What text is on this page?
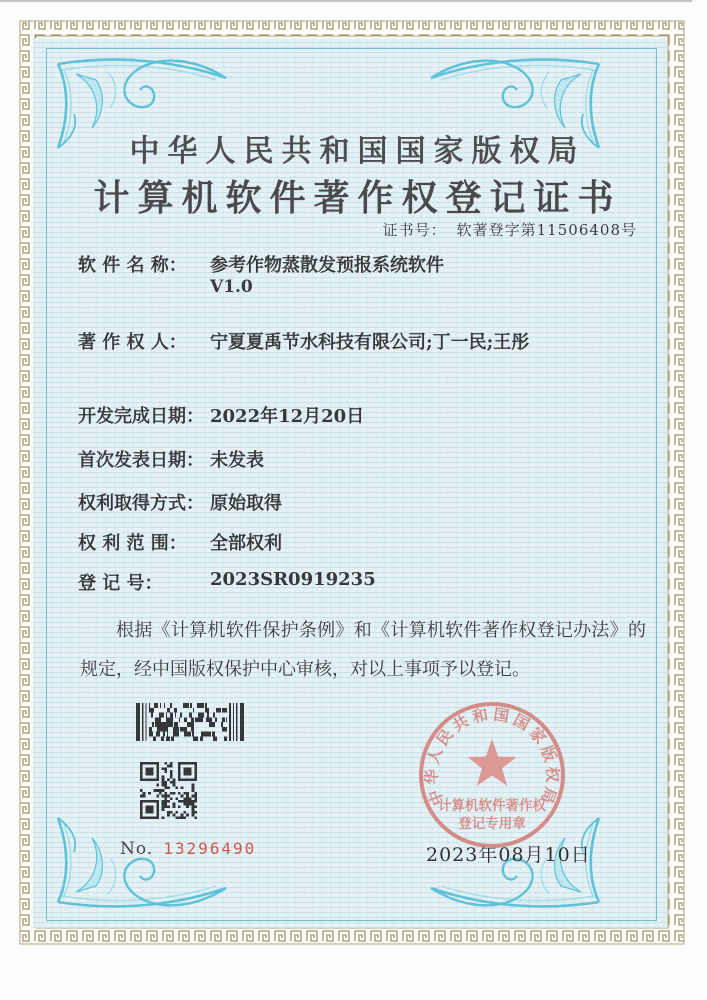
中华人民共和国国家版权局
计算机软件著作权登记证书
证书号： 软著登字第11506408号
软 件 名 称： 参考作物蒸散发预报系统软件
V1.0
著 作 权 人： 宁夏夏禹节水科技有限公司;丁一民;王彤
开发完成日期： 2022年12月20日
首次发表日期： 未发表
权利取得方式： 原始取得
权 利 范 围： 全部权利
登 记 号：	2023SR0919235
根据《计算机软件保护条例》和《计算机软件著作权登记办法》的规定，经中国版权保护中心审核，对以上事项予以登记。
No. 13296490	2023年08月10日
中华人民共和国国家版权局
计算机软件著作权
登记专用章
